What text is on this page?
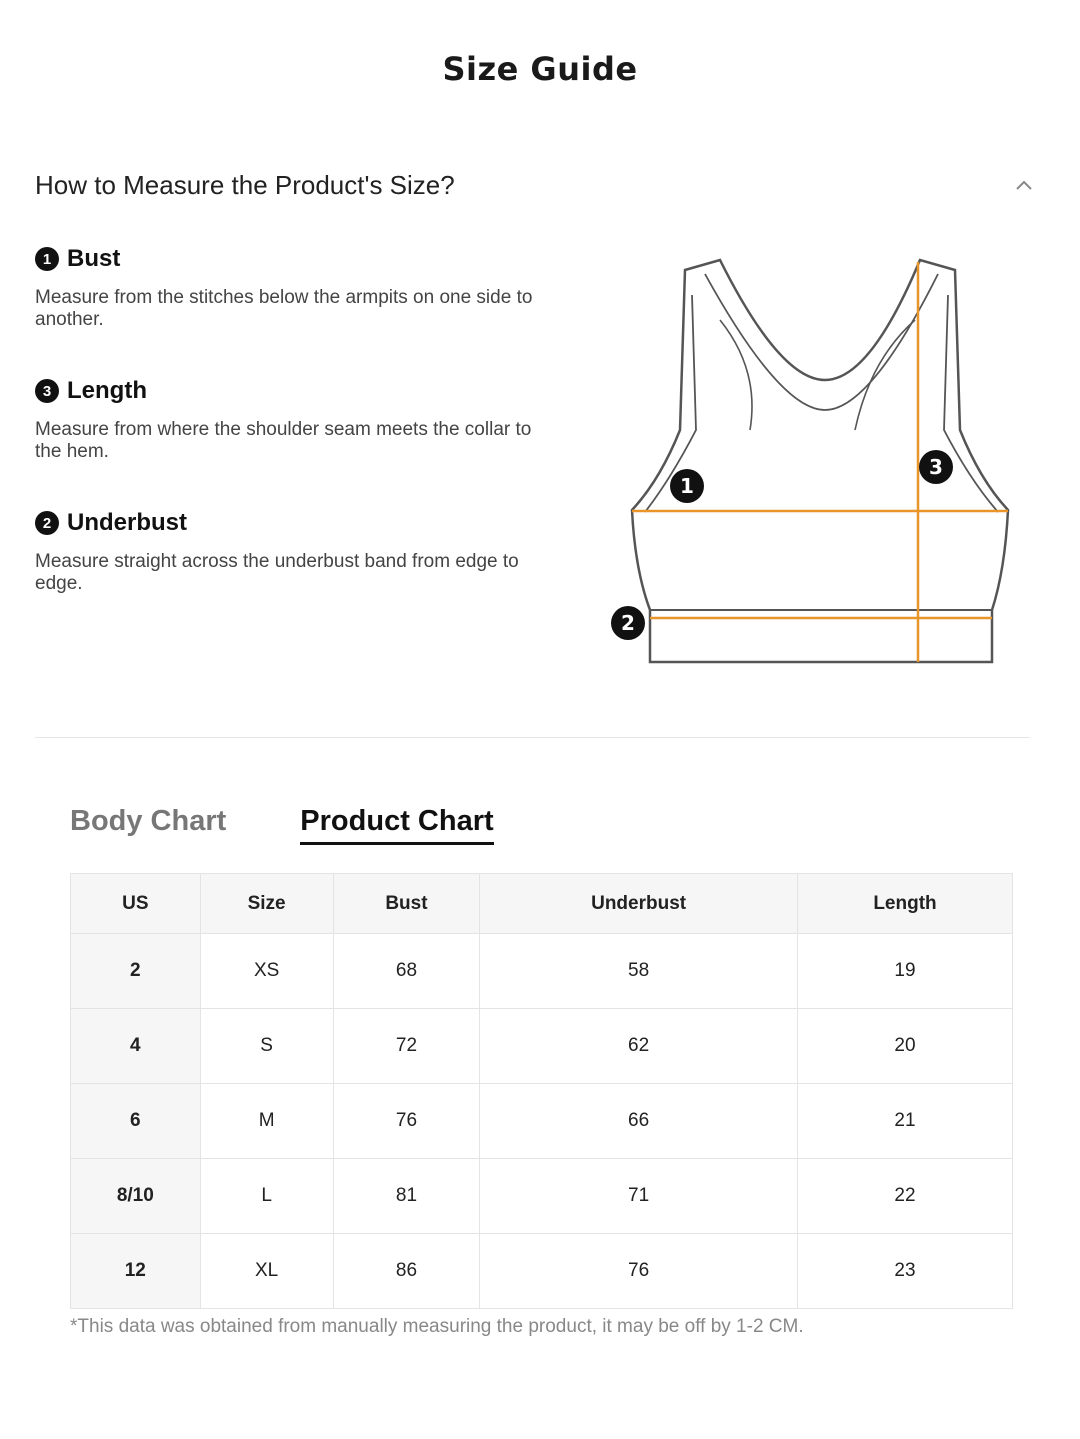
Size Guide
How to Measure the Product's Size?
1 Bust
Measure from the stitches below the armpits on one side to another.
3 Length
Measure from where the shoulder seam meets the collar to the hem.
2 Underbust
Measure straight across the underbust band from edge to edge.
1
2
3
Body Chart	Product Chart
US	Size	Bust	Underbust	Length
2	XS	68	58	19
4	S	72	62	20
6	M	76	66	21
8/10	L	81	71	22
12	XL	86	76	23
*This data was obtained from manually measuring the product, it may be off by 1-2 CM.
